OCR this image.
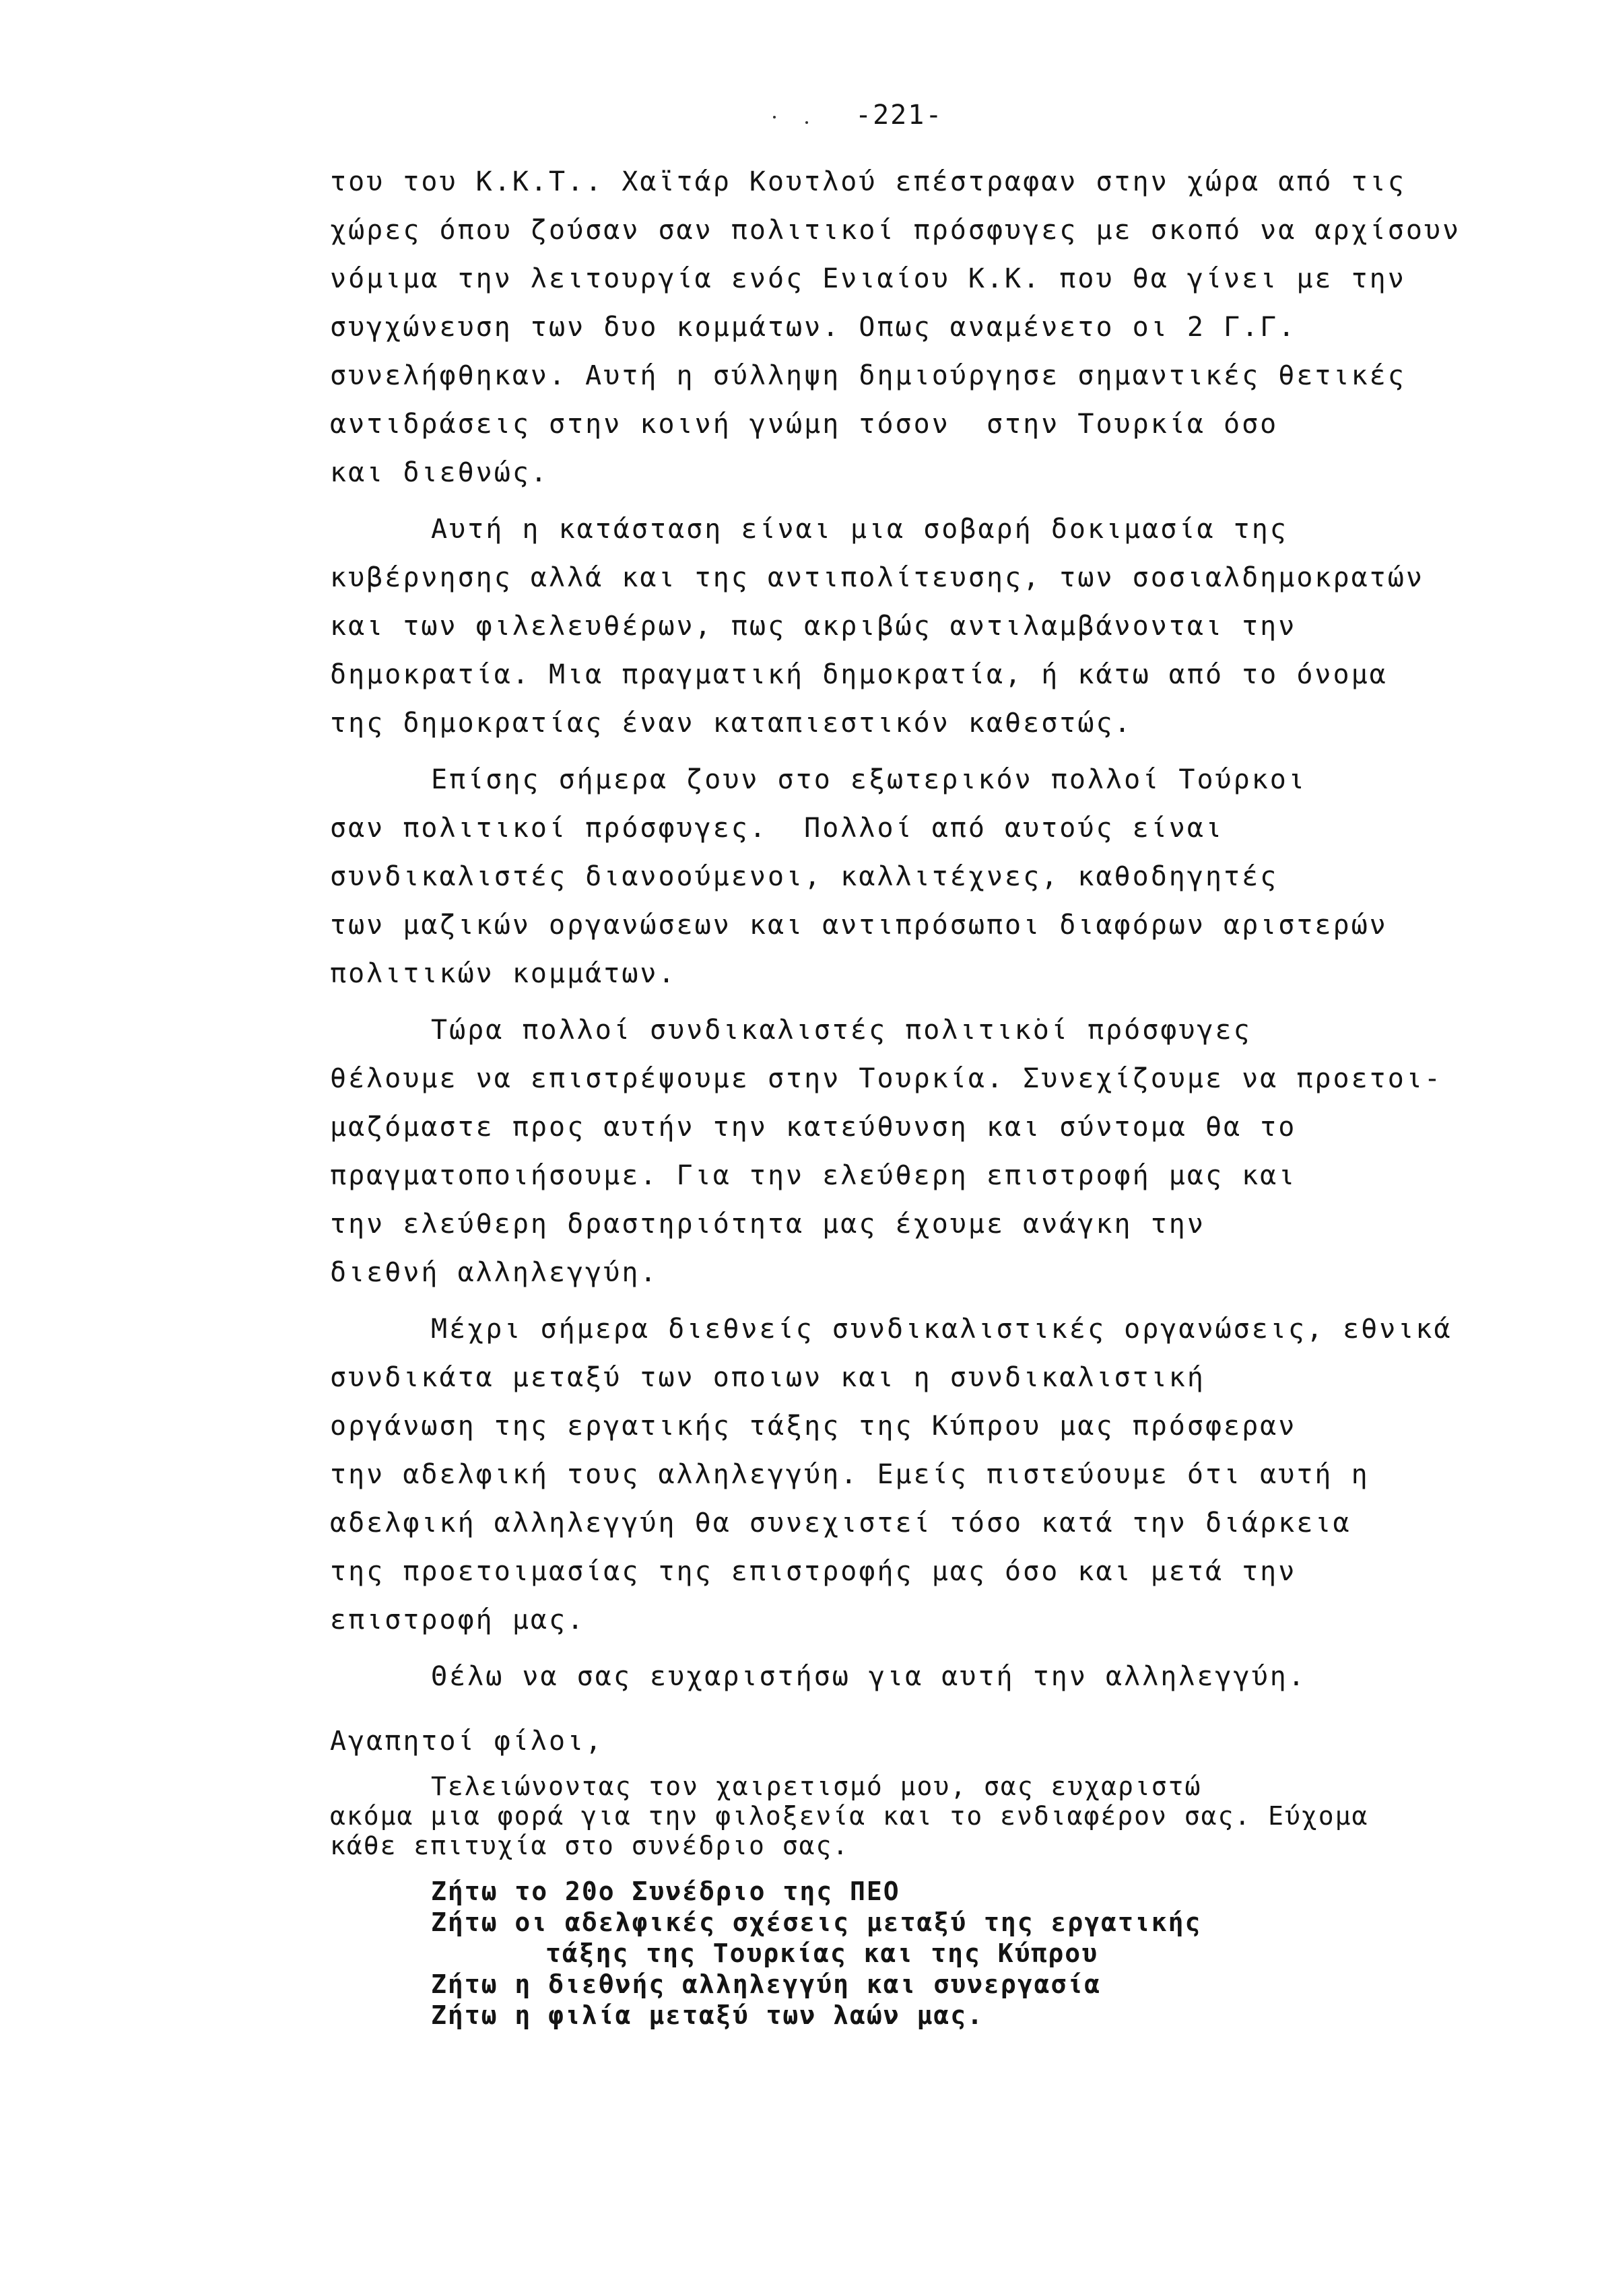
-221-
του του Κ.Κ.Τ.. Χαϊτάρ Κουτλού επέστραφαν στην χώρα από τις
χώρες όπου ζούσαν σαν πολιτικοί πρόσφυγες με σκοπό να αρχίσουν
νόμιμα την λειτουργία ενός Ενιαίου Κ.Κ. που θα γίνει με την
συγχώνευση των δυο κομμάτων. Οπως αναμένετο οι 2 Γ.Γ.
συνελήφθηκαν. Αυτή η σύλληψη δημιούργησε σημαντικές θετικές
αντιδράσεις στην κοινή γνώμη τόσον  στην Τουρκία όσο
και διεθνώς.
Αυτή η κατάσταση είναι μια σοβαρή δοκιμασία της
κυβέρνησης αλλά και της αντιπολίτευσης, των σοσιαλδημοκρατών
και των φιλελευθέρων, πως ακριβώς αντιλαμβάνονται την
δημοκρατία. Μια πραγματική δημοκρατία, ή κάτω από το όνομα
της δημοκρατίας έναν καταπιεστικόν καθεστώς.
Επίσης σήμερα ζουν στο εξωτερικόν πολλοί Τούρκοι
σαν πολιτικοί πρόσφυγες.  Πολλοί από αυτούς είναι
συνδικαλιστές διανοούμενοι, καλλιτέχνες, καθοδηγητές
των μαζικών οργανώσεων και αντιπρόσωποι διαφόρων αριστερών
πολιτικών κομμάτων.
Τώρα πολλοί συνδικαλιστές πολιτικοί πρόσφυγες
θέλουμε να επιστρέψουμε στην Τουρκία. Συνεχίζουμε να προετοι-
μαζόμαστε προς αυτήν την κατεύθυνση και σύντομα θα το
πραγματοποιήσουμε. Για την ελεύθερη επιστροφή μας και
την ελεύθερη δραστηριότητα μας έχουμε ανάγκη την
διεθνή αλληλεγγύη.
Μέχρι σήμερα διεθνείς συνδικαλιστικές οργανώσεις, εθνικά
συνδικάτα μεταξύ των οποιων και η συνδικαλιστική
οργάνωση της εργατικής τάξης της Κύπρου μας πρόσφεραν
την αδελφική τους αλληλεγγύη. Εμείς πιστεύουμε ότι αυτή η
αδελφική αλληλεγγύη θα συνεχιστεί τόσο κατά την διάρκεια
της προετοιμασίας της επιστροφής μας όσο και μετά την
επιστροφή μας.
Θέλω να σας ευχαριστήσω για αυτή την αλληλεγγύη.
Αγαπητοί φίλοι,
Τελειώνοντας τον χαιρετισμό μου, σας ευχαριστώ
ακόμα μια φορά για την φιλοξενία και το ενδιαφέρον σας. Εύχομα
κάθε επιτυχία στο συνέδριο σας.
Ζήτω το 20ο Συνέδριο της ΠΕΟ
Ζήτω οι αδελφικές σχέσεις μεταξύ της εργατικής
τάξης της Τουρκίας και της Κύπρου
Ζήτω η διεθνής αλληλεγγύη και συνεργασία
Ζήτω η φιλία μεταξύ των λαών μας.
